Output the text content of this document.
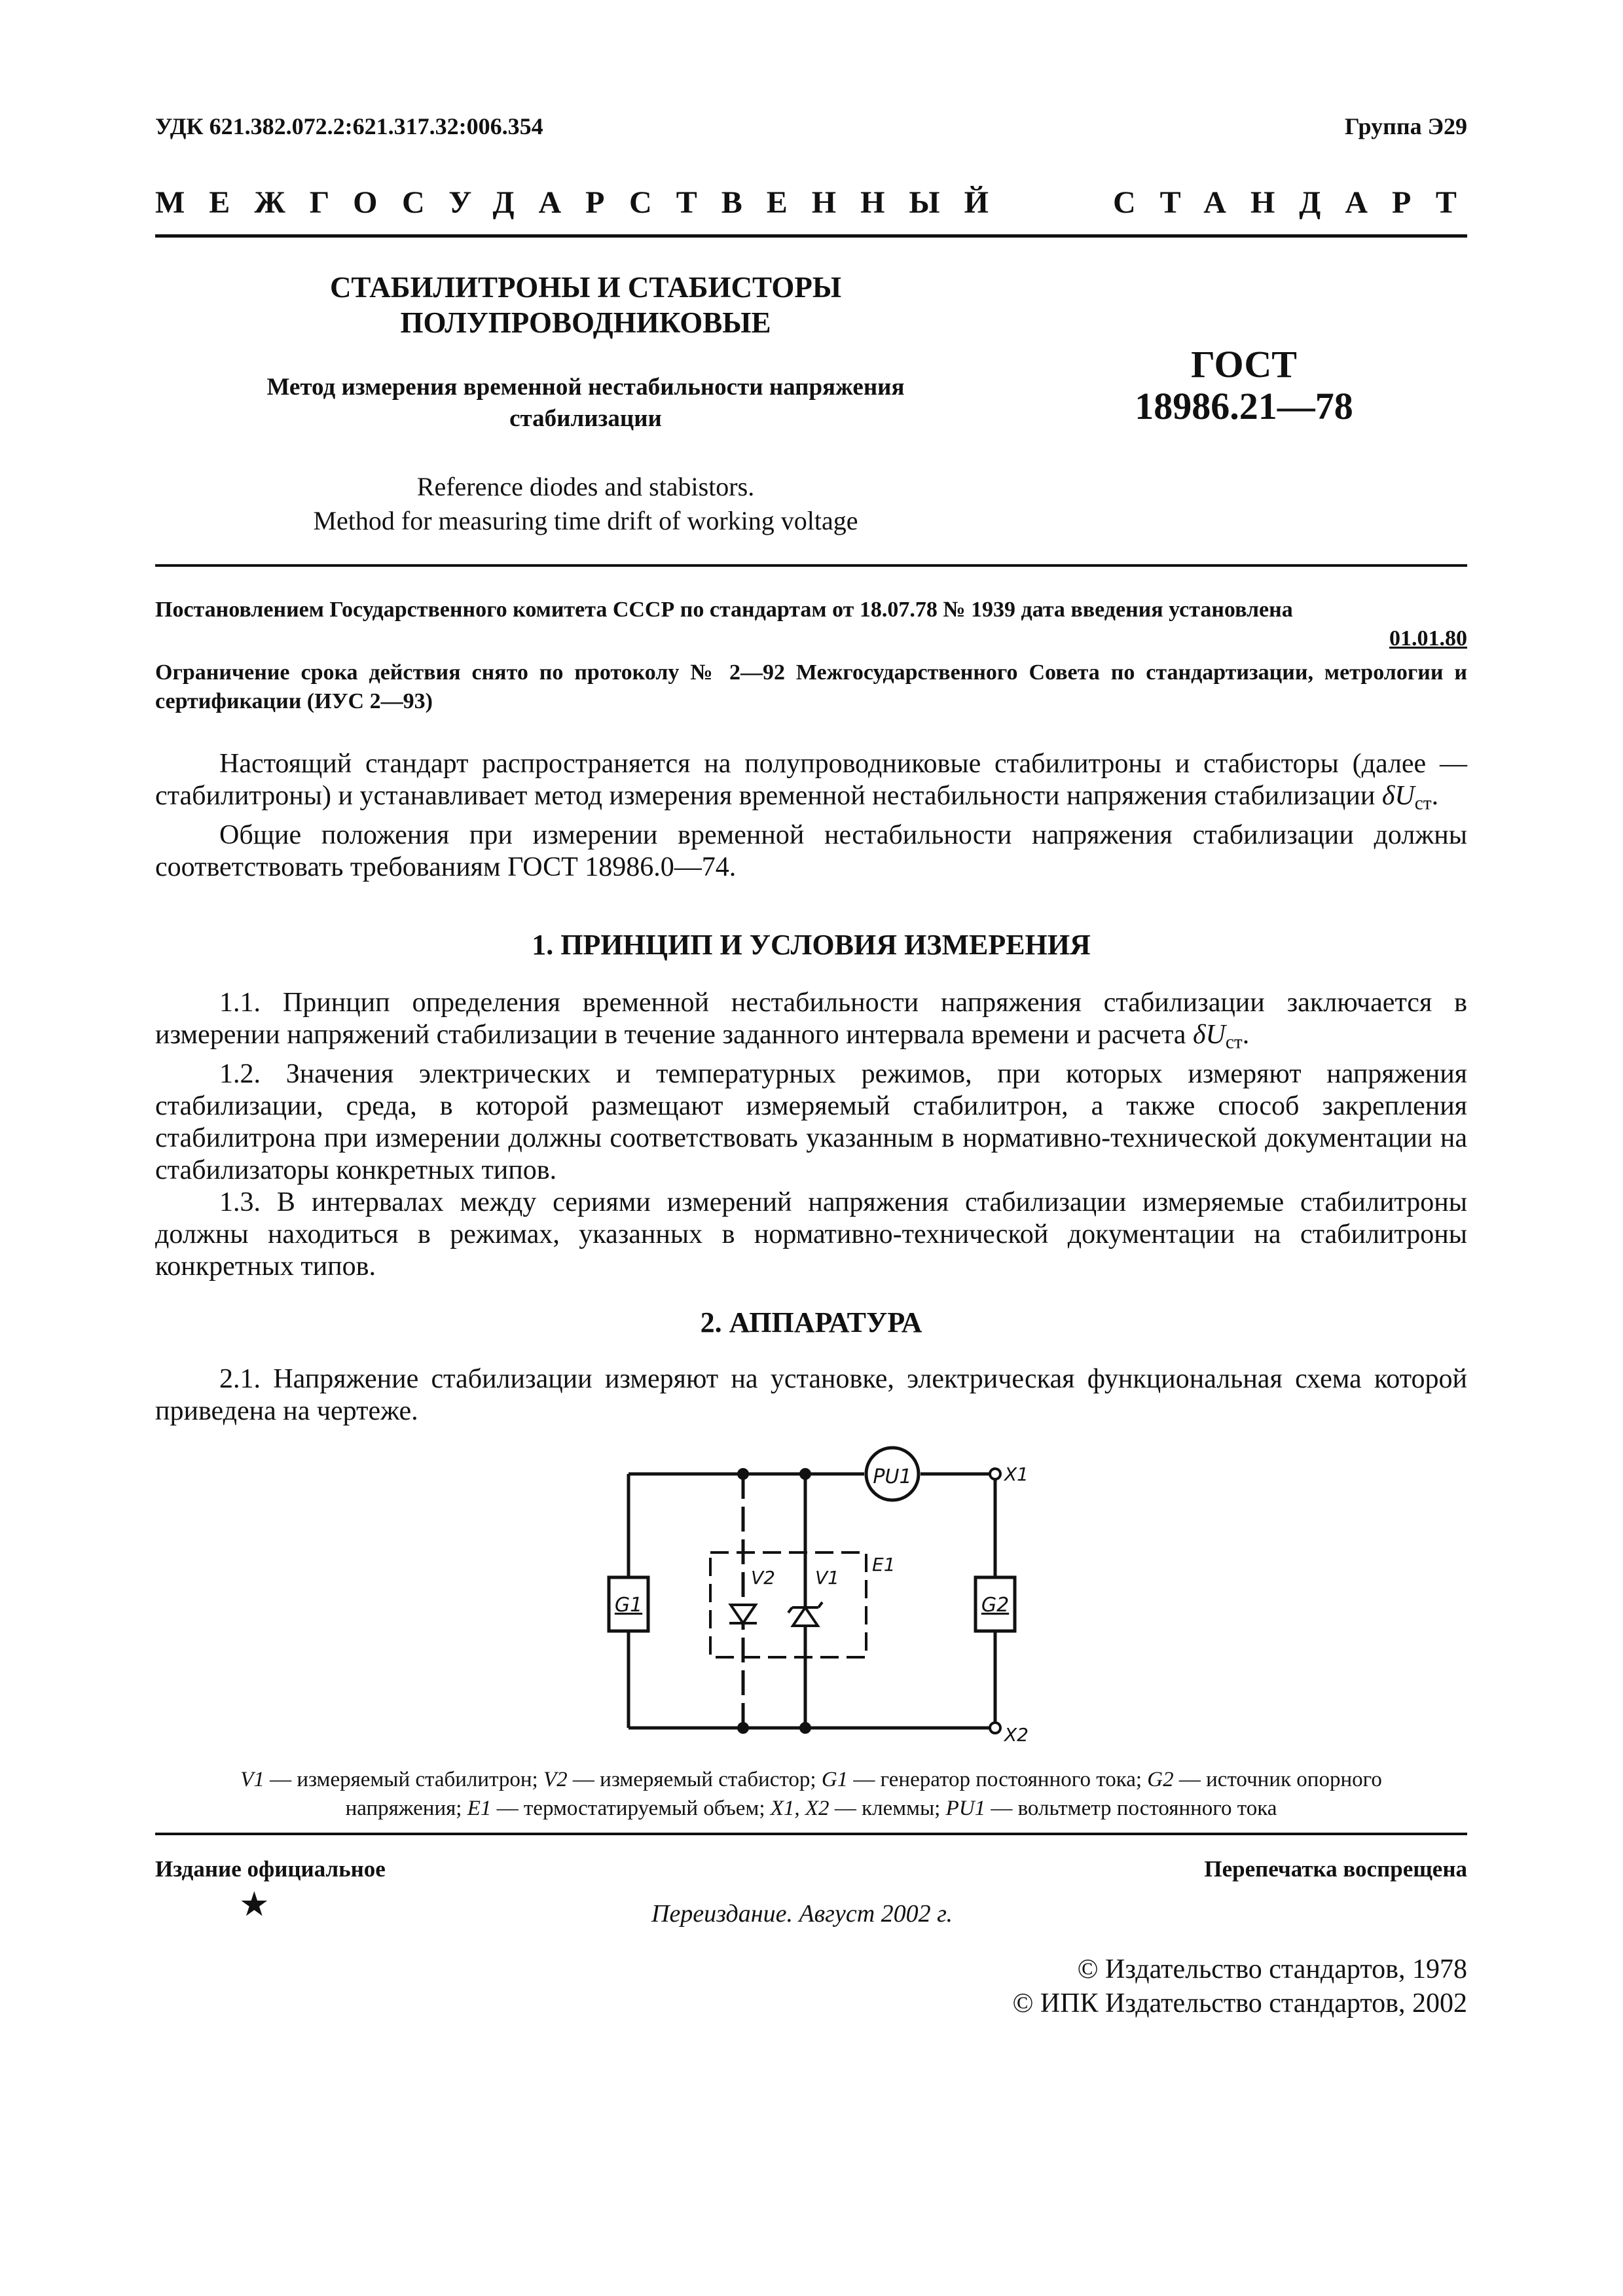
УДК 621.382.072.2:621.317.32:006.354	Группа Э29
МЕЖГОСУДАРСТВЕННЫЙ	СТАНДАРТ
СТАБИЛИТРОНЫ И СТАБИСТОРЫ
ПОЛУПРОВОДНИКОВЫЕ
Метод измерения временной нестабильности напряжения
стабилизации
Reference diodes and stabistors.
Method for measuring time drift of working voltage
ГОСТ
18986.21—78
Постановлением Государственного комитета СССР по стандартам от 18.07.78 № 1939 дата введения установлена
01.01.80
Ограничение срока действия снято по протоколу № 2—92 Межгосударственного Совета по стандартизации, метрологии и сертификации (ИУС 2—93)
Настоящий стандарт распространяется на полупроводниковые стабилитроны и стабисторы (далее — стабилитроны) и устанавливает метод измерения временной нестабильности напряжения стабилизации $\delta U_{ст}$.
Общие положения при измерении временной нестабильности напряжения стабилизации должны соответствовать требованиям ГОСТ 18986.0—74.
1. ПРИНЦИП И УСЛОВИЯ ИЗМЕРЕНИЯ
1.1. Принцип определения временной нестабильности напряжения стабилизации заключается в измерении напряжений стабилизации в течение заданного интервала времени и расчета $\delta U_{ст}$.
1.2. Значения электрических и температурных режимов, при которых измеряют напряжения стабилизации, среда, в которой размещают измеряемый стабилитрон, а также способ закрепления стабилитрона при измерении должны соответствовать указанным в нормативно-технической документации на стабилизаторы конкретных типов.
1.3. В интервалах между сериями измерений напряжения стабилизации измеряемые стабилитроны должны находиться в режимах, указанных в нормативно-технической документации на стабилитроны конкретных типов.
2. АППАРАТУРА
2.1. Напряжение стабилизации измеряют на установке, электрическая функциональная схема которой приведена на чертеже.
PU1
G1	G2
V2 V1
E1
X1
X2
V1 — измеряемый стабилитрон; V2 — измеряемый стабистор; G1 — генератор постоянного тока; G2 — источник опорного
напряжения; E1 — термостатируемый объем; X1, X2 — клеммы; PU1 — вольтметр постоянного тока
Издание официальное	Перепечатка воспрещена
★	Переиздание. Август 2002 г.
© Издательство стандартов, 1978
© ИПК Издательство стандартов, 2002
